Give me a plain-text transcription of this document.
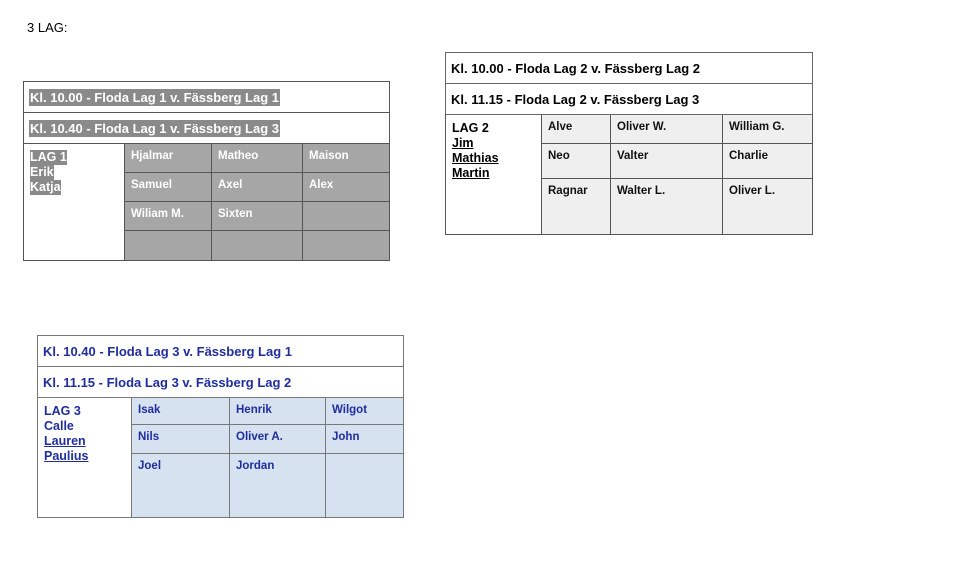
3 LAG:
Kl. 10.00 - Floda Lag 1 v. Fässberg Lag 1
Kl. 10.40 - Floda Lag 1 v. Fässberg Lag 3
LAG 1
Erik
Katja
Hjalmar	Matheo	Maison
Samuel	Axel	Alex
Wiliam M.	Sixten
Kl. 10.00 - Floda Lag 2 v. Fässberg Lag 2
Kl. 11.15 - Floda Lag 2 v. Fässberg Lag 3
LAG 2
Jim
Mathias
Martin
Alve	Oliver W.	William G.
Neo	Valter	Charlie
Ragnar	Walter L.	Oliver L.
Kl. 10.40 - Floda Lag 3 v. Fässberg Lag 1
Kl. 11.15 - Floda Lag 3 v. Fässberg Lag 2
LAG 3
Calle
Lauren
Paulius
Isak	Henrik	Wilgot
Nils	Oliver A.	John
Joel	Jordan
